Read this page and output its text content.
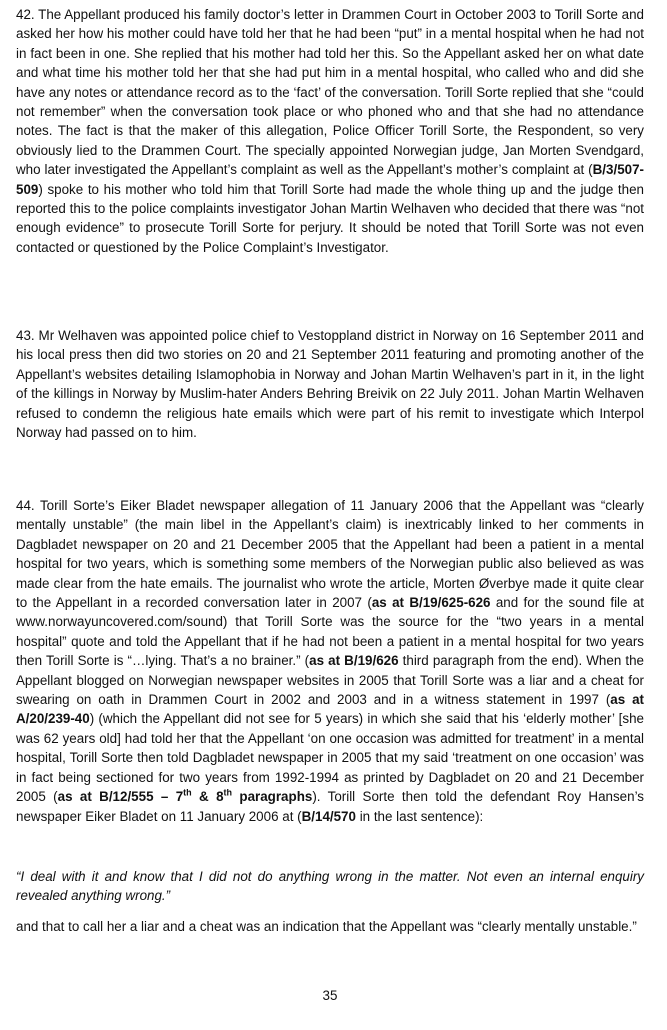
42. The Appellant produced his family doctor’s letter in Drammen Court in October 2003 to Torill Sorte and asked her how his mother could have told her that he had been “put” in a mental hospital when he had not in fact been in one. She replied that his mother had told her this. So the Appellant asked her on what date and what time his mother told her that she had put him in a mental hospital, who called who and did she have any notes or attendance record as to the ‘fact’ of the conversation. Torill Sorte replied that she “could not remember” when the conversation took place or who phoned who and that she had no attendance notes. The fact is that the maker of this allegation, Police Officer Torill Sorte, the Respondent, so very obviously lied to the Drammen Court. The specially appointed Norwegian judge, Jan Morten Svendgard, who later investigated the Appellant’s complaint as well as the Appellant’s mother’s complaint at (B/3/507-509) spoke to his mother who told him that Torill Sorte had made the whole thing up and the judge then reported this to the police complaints investigator Johan Martin Welhaven who decided that there was “not enough evidence” to prosecute Torill Sorte for perjury. It should be noted that Torill Sorte was not even contacted or questioned by the Police Complaint’s Investigator.

43. Mr Welhaven was appointed police chief to Vestoppland district in Norway on 16 September 2011 and his local press then did two stories on 20 and 21 September 2011 featuring and promoting another of the Appellant’s websites detailing Islamophobia in Norway and Johan Martin Welhaven’s part in it, in the light of the killings in Norway by Muslim-hater Anders Behring Breivik on 22 July 2011. Johan Martin Welhaven refused to condemn the religious hate emails which were part of his remit to investigate which Interpol Norway had passed on to him.

44. Torill Sorte’s Eiker Bladet newspaper allegation of 11 January 2006 that the Appellant was “clearly mentally unstable” (the main libel in the Appellant’s claim) is inextricably linked to her comments in Dagbladet newspaper on 20 and 21 December 2005 that the Appellant had been a patient in a mental hospital for two years, which is something some members of the Norwegian public also believed as was made clear from the hate emails. The journalist who wrote the article, Morten Øverbye made it quite clear to the Appellant in a recorded conversation later in 2007 (as at B/19/625-626 and for the sound file at www.norwayuncovered.com/sound) that Torill Sorte was the source for the “two years in a mental hospital” quote and told the Appellant that if he had not been a patient in a mental hospital for two years then Torill Sorte is “…lying. That’s a no brainer.” (as at B/19/626 third paragraph from the end). When the Appellant blogged on Norwegian newspaper websites in 2005 that Torill Sorte was a liar and a cheat for swearing on oath in Drammen Court in 2002 and 2003 and in a witness statement in 1997 (as at A/20/239-40) (which the Appellant did not see for 5 years) in which she said that his ‘elderly mother’ [she was 62 years old] had told her that the Appellant ‘on one occasion was admitted for treatment’ in a mental hospital, Torill Sorte then told Dagbladet newspaper in 2005 that my said ‘treatment on one occasion’ was in fact being sectioned for two years from 1992-1994 as printed by Dagbladet on 20 and 21 December 2005 (as at B/12/555 – 7th & 8th paragraphs). Torill Sorte then told the defendant Roy Hansen’s newspaper Eiker Bladet on 11 January 2006 at (B/14/570 in the last sentence):

“I deal with it and know that I did not do anything wrong in the matter. Not even an internal enquiry revealed anything wrong.”

and that to call her a liar and a cheat was an indication that the Appellant was “clearly mentally unstable.”

35
